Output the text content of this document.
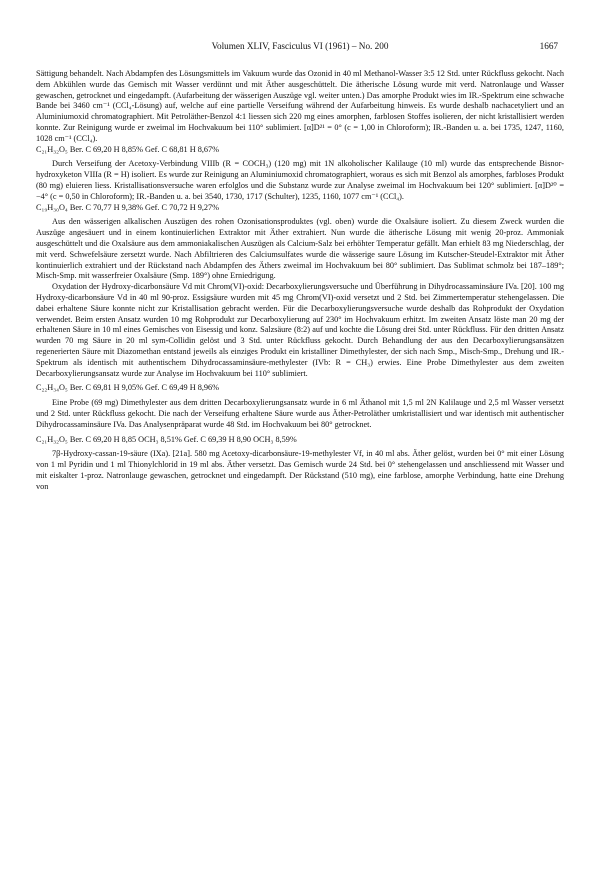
Volumen XLIV, Fasciculus VI (1961) – No. 200	1667

Sättigung behandelt. Nach Abdampfen des Lösungsmittels im Vakuum wurde das Ozonid in 40 ml Methanol-Wasser 3:5 12 Std. unter Rückfluss gekocht. Nach dem Abkühlen wurde das Gemisch mit Wasser verdünnt und mit Äther ausgeschüttelt. Die ätherische Lösung wurde mit verd. Natronlauge und Wasser gewaschen, getrocknet und eingedampft. (Aufarbeitung der wässerigen Auszüge vgl. weiter unten.) Das amorphe Produkt wies im IR.-Spektrum eine schwache Bande bei 3460 cm⁻¹ (CCl₄-Lösung) auf, welche auf eine partielle Verseifung während der Aufarbeitung hinweis. Es wurde deshalb nachacetyliert und an Aluminiumoxid chromatographiert. Mit Petroläther-Benzol 4:1 liessen sich 220 mg eines amorphen, farblosen Stoffes isolieren, der nicht kristallisiert werden konnte. Zur Reinigung wurde er zweimal im Hochvakuum bei 110° sublimiert. [α]D²¹ = 0° (c = 1,00 in Chloroform); IR.-Banden u. a. bei 1735, 1247, 1160, 1028 cm⁻¹ (CCl₄).

C₂₁H₃₂O₅ Ber. C 69,20 H 8,85% Gef. C 68,81 H 8,67%

Durch Verseifung der Acetoxy-Verbindung VIIIb (R = COCH₃) (120 mg) mit 1N alkoholischer Kalilauge (10 ml) wurde das entsprechende Bisnor-hydroxyketon VIIIa (R = H) isoliert. Es wurde zur Reinigung an Aluminiumoxid chromatographiert, woraus es sich mit Benzol als amorphes, farbloses Produkt (80 mg) eluieren liess. Kristallisationsversuche waren erfolglos und die Substanz wurde zur Analyse zweimal im Hochvakuum bei 120° sublimiert. [α]D²⁰ = −4° (c = 0,50 in Chloroform); IR.-Banden u. a. bei 3540, 1730, 1717 (Schulter), 1235, 1160, 1077 cm⁻¹ (CCl₄).

C₁₉H₃₀O₄ Ber. C 70,77 H 9,38% Gef. C 70,72 H 9,27%

Aus den wässerigen alkalischen Auszügen des rohen Ozonisationsproduktes (vgl. oben) wurde die Oxalsäure isoliert. Zu diesem Zweck wurden die Auszüge angesäuert und in einem kontinuierlichen Extraktor mit Äther extrahiert. Nun wurde die ätherische Lösung mit wenig 20-proz. Ammoniak ausgeschüttelt und die Oxalsäure aus dem ammoniakalischen Auszügen als Calcium-Salz bei erhöhter Temperatur gefällt. Man erhielt 83 mg Niederschlag, der mit verd. Schwefelsäure zersetzt wurde. Nach Abfiltrieren des Calciumsulfates wurde die wässerige saure Lösung im Kutscher-Steudel-Extraktor mit Äther kontinuierlich extrahiert und der Rückstand nach Abdampfen des Äthers zweimal im Hochvakuum bei 80° sublimiert. Das Sublimat schmolz bei 187–189°; Misch-Smp. mit wasserfreier Oxalsäure (Smp. 189°) ohne Erniedrigung.

Oxydation der Hydroxy-dicarbonsäure Vd mit Chrom(VI)-oxid: Decarboxylierungsversuche und Überführung in Dihydrocassaminsäure IVa. [20]. 100 mg Hydroxy-dicarbonsäure Vd in 40 ml 90-proz. Essigsäure wurden mit 45 mg Chrom(VI)-oxid versetzt und 2 Std. bei Zimmertemperatur stehengelassen. Die dabei erhaltene Säure konnte nicht zur Kristallisation gebracht werden. Für die Decarboxylierungsversuche wurde deshalb das Rohprodukt der Oxydation verwendet. Beim ersten Ansatz wurden 10 mg Rohprodukt zur Decarboxylierung auf 230° im Hochvakuum erhitzt. Im zweiten Ansatz löste man 20 mg der erhaltenen Säure in 10 ml eines Gemisches von Eisessig und konz. Salzsäure (8:2) auf und kochte die Lösung drei Std. unter Rückfluss. Für den dritten Ansatz wurden 70 mg Säure in 20 ml sym-Collidin gelöst und 3 Std. unter Rückfluss gekocht. Durch Behandlung der aus den Decarboxylierungsansätzen regenerierten Säure mit Diazomethan entstand jeweils als einziges Produkt ein kristalliner Dimethylester, der sich nach Smp., Misch-Smp., Drehung und IR.-Spektrum als identisch mit authentischem Dihydrocassaminsäure-methylester (IVb: R = CH₃) erwies. Eine Probe Dimethylester aus dem zweiten Decarboxylierungsansatz wurde zur Analyse im Hochvakuum bei 110° sublimiert.

C₂₂H₃₄O₅ Ber. C 69,81 H 9,05% Gef. C 69,49 H 8,96%

Eine Probe (69 mg) Dimethylester aus dem dritten Decarboxylierungsansatz wurde in 6 ml Äthanol mit 1,5 ml 2N Kalilauge und 2,5 ml Wasser versetzt und 2 Std. unter Rückfluss gekocht. Die nach der Verseifung erhaltene Säure wurde aus Äther-Petroläther umkristallisiert und war identisch mit authentischer Dihydrocassaminsäure IVa. Das Analysenpräparat wurde 48 Std. im Hochvakuum bei 80° getrocknet.

C₂₁H₃₂O₅ Ber. C 69,20 H 8,85 OCH₃ 8,51% Gef. C 69,39 H 8,90 OCH₃ 8,59%

7β-Hydroxy-cassan-19-säure (IXa). [21a]. 580 mg Acetoxy-dicarbonsäure-19-methylester Vf, in 40 ml abs. Äther gelöst, wurden bei 0° mit einer Lösung von 1 ml Pyridin und 1 ml Thionylchlorid in 19 ml abs. Äther versetzt. Das Gemisch wurde 24 Std. bei 0° stehengelassen und anschliessend mit Wasser und mit eiskalter 1-proz. Natronlauge gewaschen, getrocknet und eingedampft. Der Rückstand (510 mg), eine farblose, amorphe Verbindung, hatte eine Drehung von
